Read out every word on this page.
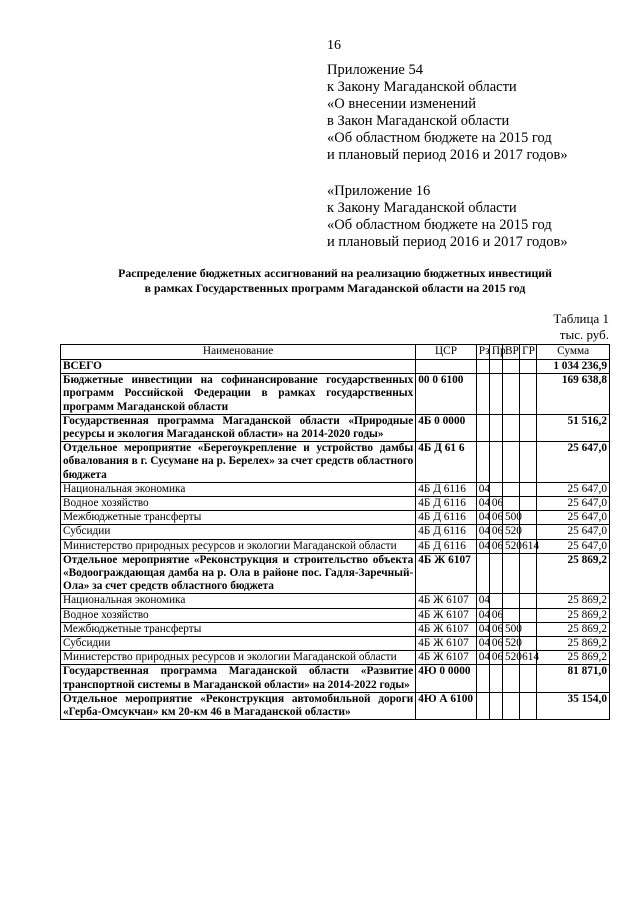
16
Приложение 54
к Закону Магаданской области
«О внесении изменений
в Закон Магаданской области
«Об областном бюджете на 2015 год
и плановый период 2016 и 2017 годов»
«Приложение 16
к Закону Магаданской области
«Об областном бюджете на 2015 год
и плановый период 2016 и 2017 годов»
Распределение бюджетных ассигнований на реализацию бюджетных инвестиций
в рамках Государственных программ Магаданской области на 2015 год
Таблица 1
тыс. руб.
Наименование	ЦСР	Рз	Пр	ВР	ГР	Сумма
ВСЕГО						1 034 236,9
Бюджетные инвестиции на софинансирование государственных программ Российской Федерации в рамках государственных программ Магаданской области	00 0 6100					169 638,8
Государственная программа Магаданской области «Природные ресурсы и экология Магаданской области» на 2014-2020 годы»	4Б 0 0000					51 516,2
Отдельное мероприятие «Берегоукрепление и устройство дамбы обвалования в г. Сусумане на р. Берелех» за счет средств областного бюджета	4Б Д 61 6					25 647,0
Национальная экономика	4Б Д 6116	04				25 647,0
Водное хозяйство	4Б Д 6116	04	06			25 647,0
Межбюджетные трансферты	4Б Д 6116	04	06	500		25 647,0
Субсидии	4Б Д 6116	04	06	520		25 647,0
Министерство природных ресурсов и экологии Магаданской области	4Б Д 6116	04	06	520	614	25 647,0
Отдельное мероприятие «Реконструкция и строительство объекта «Водоограждающая дамба на р. Ола в районе пос. Гадля-Заречный-Ола» за счет средств областного бюджета	4Б Ж 6107					25 869,2
Национальная экономика	4Б Ж 6107	04				25 869,2
Водное хозяйство	4Б Ж 6107	04	06			25 869,2
Межбюджетные трансферты	4Б Ж 6107	04	06	500		25 869,2
Субсидии	4Б Ж 6107	04	06	520		25 869,2
Министерство природных ресурсов и экологии Магаданской области	4Б Ж 6107	04	06	520	614	25 869,2
Государственная программа Магаданской области «Развитие транспортной системы в Магаданской области» на 2014-2022 годы»	4Ю 0 0000					81 871,0
Отдельное мероприятие «Реконструкция автомобильной дороги «Герба-Омсукчан» км 20-км 46 в Магаданской области»	4Ю А 6100					35 154,0
